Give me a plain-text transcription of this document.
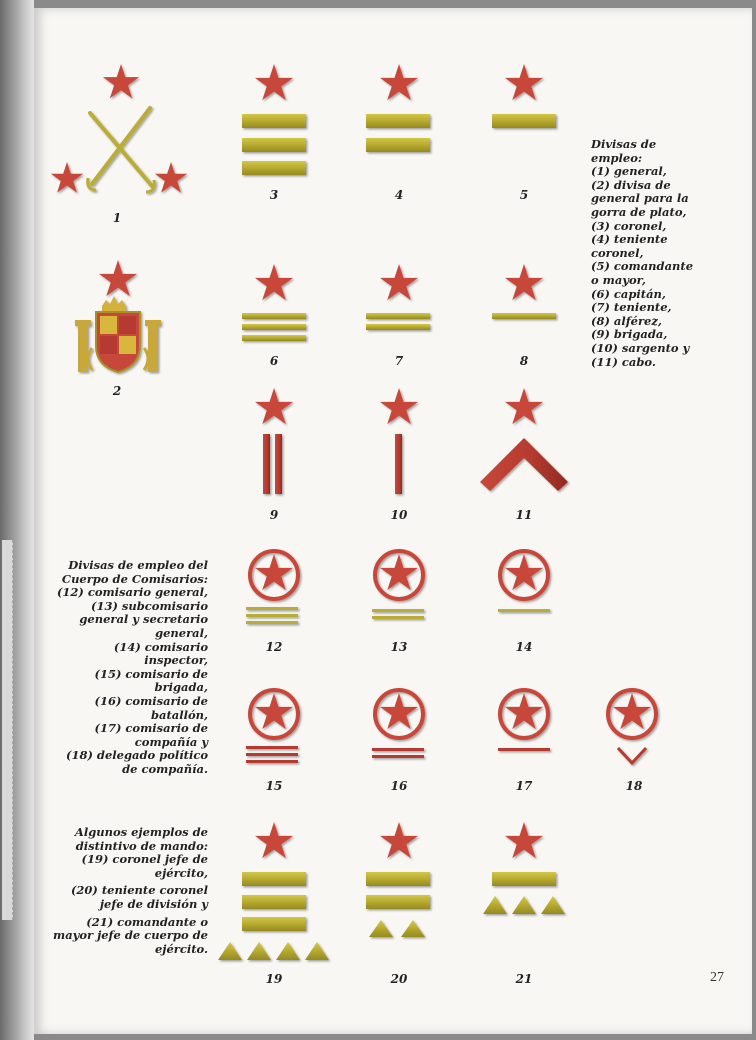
1
2
3	4	5
6	7	8
9	10	11
12	13	14
15	16	17	18
19	20	21
Divisas de
empleo:
(1) general,
(2) divisa de
general para la
gorra de plato,
(3) coronel,
(4) teniente
coronel,
(5) comandante
o mayor,
(6) capitán,
(7) teniente,
(8) alférez,
(9) brigada,
(10) sargento y
(11) cabo.
Divisas de empleo del
Cuerpo de Comisarios:
(12) comisario general,
(13) subcomisario
general y secretario
general,
(14) comisario
inspector,
(15) comisario de
brigada,
(16) comisario de
batallón,
(17) comisario de
compañía y
(18) delegado político
de compañía.
Algunos ejemplos de
distintivo de mando:
(19) coronel jefe de
ejército,
(20) teniente coronel
jefe de división y
(21) comandante o
mayor jefe de cuerpo de
ejército.
27
